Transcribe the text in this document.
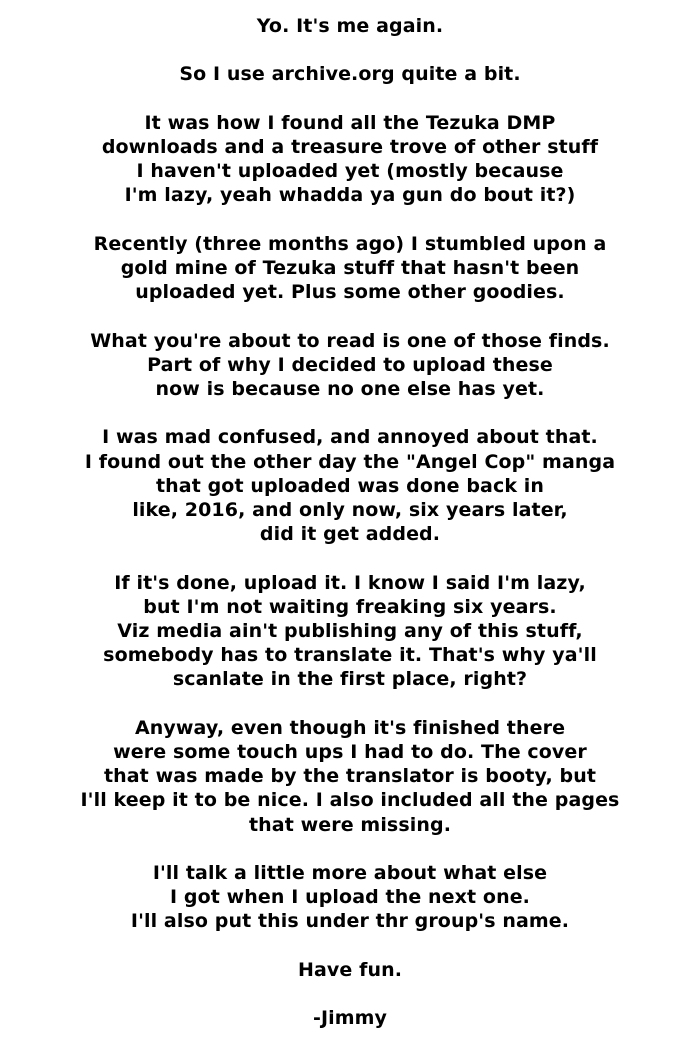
Yo. It's me again.
So I use archive.org quite a bit.
It was how I found all the Tezuka DMP
downloads and a treasure trove of other stuff
I haven't uploaded yet (mostly because
I'm lazy, yeah whadda ya gun do bout it?)
Recently (three months ago) I stumbled upon a
gold mine of Tezuka stuff that hasn't been
uploaded yet. Plus some other goodies.
What you're about to read is one of those finds.
Part of why I decided to upload these
now is because no one else has yet.
I was mad confused, and annoyed about that.
I found out the other day the "Angel Cop" manga
that got uploaded was done back in
like, 2016, and only now, six years later,
did it get added.
If it's done, upload it. I know I said I'm lazy,
but I'm not waiting freaking six years.
Viz media ain't publishing any of this stuff,
somebody has to translate it. That's why ya'll
scanlate in the first place, right?
Anyway, even though it's finished there
were some touch ups I had to do. The cover
that was made by the translator is booty, but
I'll keep it to be nice. I also included all the pages
that were missing.
I'll talk a little more about what else
I got when I upload the next one.
I'll also put this under thr group's name.
Have fun.
-Jimmy
